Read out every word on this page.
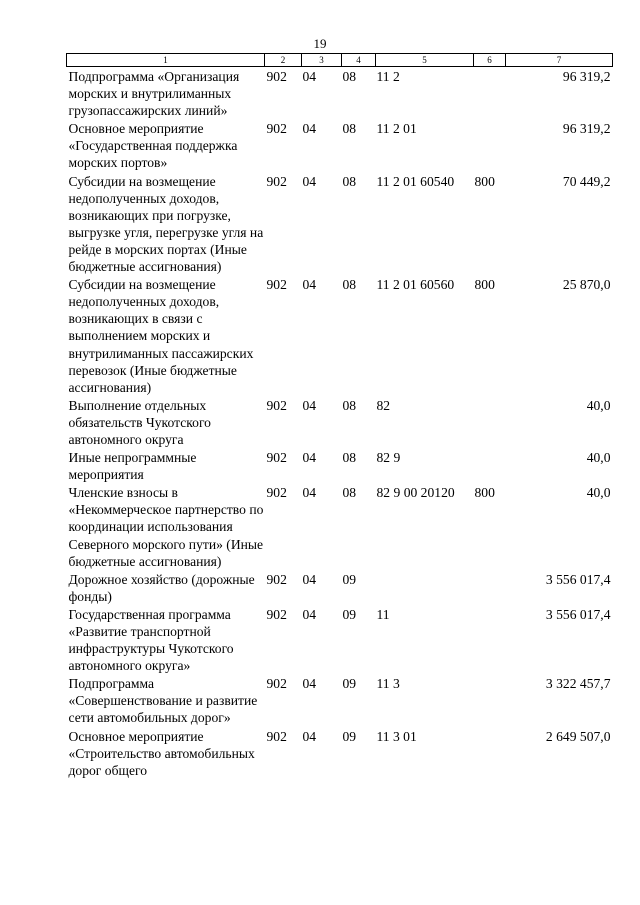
19
1	2	3	4	5	6	7
Подпрограмма «Организация морских и внутрилиманных грузопассажирских линий»	902	04	08	11 2		96 319,2
Основное мероприятие «Государственная поддержка морских портов»	902	04	08	11 2 01		96 319,2
Субсидии на возмещение недополученных доходов, возникающих при погрузке, выгрузке угля, перегрузке угля на рейде в морских портах (Иные бюджетные ассигнования)	902	04	08	11 2 01 60540	800	70 449,2
Субсидии на возмещение недополученных доходов, возникающих в связи с выполнением морских и внутрилиманных пассажирских перевозок (Иные бюджетные ассигнования)	902	04	08	11 2 01 60560	800	25 870,0
Выполнение отдельных обязательств Чукотского автономного округа	902	04	08	82		40,0
Иные непрограммные мероприятия	902	04	08	82 9		40,0
Членские взносы в «Некоммерческое партнерство по координации использования Северного морского пути» (Иные бюджетные ассигнования)	902	04	08	82 9 00 20120	800	40,0
Дорожное хозяйство (дорожные фонды)	902	04	09			3 556 017,4
Государственная программа «Развитие транспортной инфраструктуры Чукотского автономного округа»	902	04	09	11		3 556 017,4
Подпрограмма «Совершенствование и развитие сети автомобильных дорог»	902	04	09	11 3		3 322 457,7
Основное мероприятие «Строительство автомобильных дорог общего	902	04	09	11 3 01		2 649 507,0
